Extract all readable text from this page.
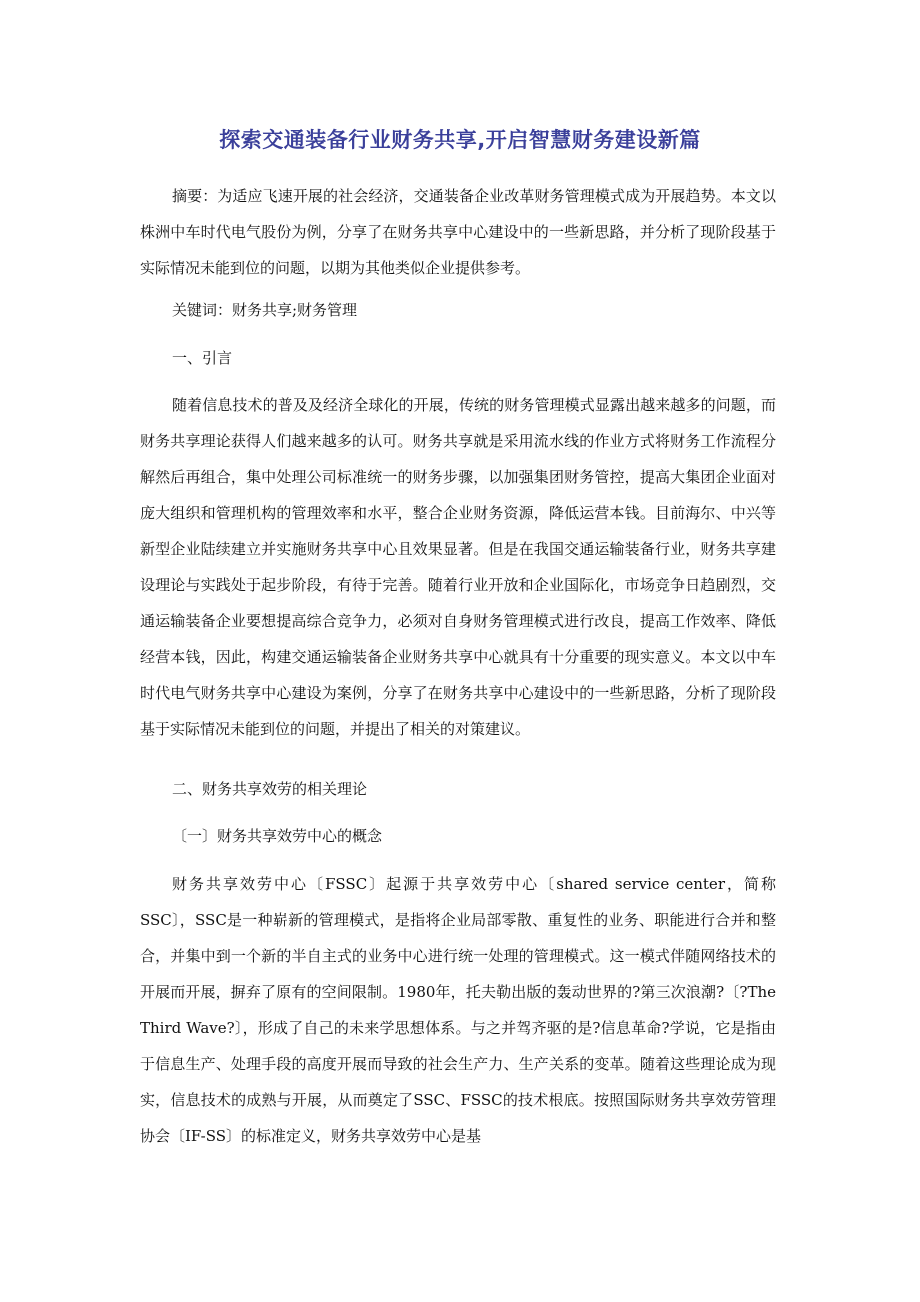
探索交通装备行业财务共享,开启智慧财务建设新篇

摘要：为适应飞速开展的社会经济，交通装备企业改革财务管理模式成为开展趋势。本文以株洲中车时代电气股份为例，分享了在财务共享中心建设中的一些新思路，并分析了现阶段基于实际情况未能到位的问题，以期为其他类似企业提供参考。

关键词：财务共享;财务管理

一、引言

随着信息技术的普及及经济全球化的开展，传统的财务管理模式显露出越来越多的问题，而财务共享理论获得人们越来越多的认可。财务共享就是采用流水线的作业方式将财务工作流程分解然后再组合，集中处理公司标准统一的财务步骤，以加强集团财务管控，提高大集团企业面对庞大组织和管理机构的管理效率和水平，整合企业财务资源，降低运营本钱。目前海尔、中兴等新型企业陆续建立并实施财务共享中心且效果显著。但是在我国交通运输装备行业，财务共享建设理论与实践处于起步阶段，有待于完善。随着行业开放和企业国际化，市场竞争日趋剧烈，交通运输装备企业要想提高综合竞争力，必须对自身财务管理模式进行改良，提高工作效率、降低经营本钱，因此，构建交通运输装备企业财务共享中心就具有十分重要的现实意义。本文以中车时代电气财务共享中心建设为案例，分享了在财务共享中心建设中的一些新思路，分析了现阶段基于实际情况未能到位的问题，并提出了相关的对策建议。

二、财务共享效劳的相关理论

〔一〕财务共享效劳中心的概念

财务共享效劳中心〔FSSC〕起源于共享效劳中心〔shared service center，简称SSC〕，SSC是一种崭新的管理模式，是指将企业局部零散、重复性的业务、职能进行合并和整合，并集中到一个新的半自主式的业务中心进行统一处理的管理模式。这一模式伴随网络技术的开展而开展，摒弃了原有的空间限制。1980年，托夫勒出版的轰动世界的?第三次浪潮?〔?The Third Wave?〕，形成了自己的未来学思想体系。与之并驾齐驱的是?信息革命?学说，它是指由于信息生产、处理手段的高度开展而导致的社会生产力、生产关系的变革。随着这些理论成为现实，信息技术的成熟与开展，从而奠定了SSC、FSSC的技术根底。按照国际财务共享效劳管理协会〔IF-SS〕的标准定义，财务共享效劳中心是基
